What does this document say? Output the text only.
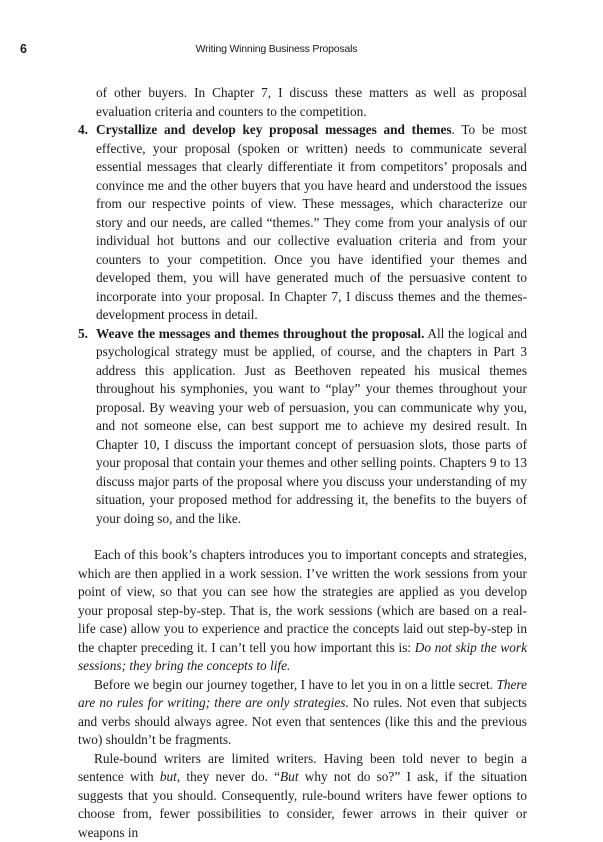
6	Writing Winning Business Proposals
of other buyers. In Chapter 7, I discuss these matters as well as proposal evaluation criteria and counters to the competition.
4. Crystallize and develop key proposal messages and themes. To be most effective, your proposal (spoken or written) needs to communicate several essential messages that clearly differentiate it from competitors’ proposals and convince me and the other buyers that you have heard and understood the issues from our respective points of view. These messages, which characterize our story and our needs, are called “themes.” They come from your analysis of our individual hot buttons and our collective evaluation criteria and from your counters to your competition. Once you have identified your themes and developed them, you will have generated much of the persuasive content to incorporate into your proposal. In Chapter 7, I discuss themes and the themes-development process in detail.
5. Weave the messages and themes throughout the proposal. All the logical and psychological strategy must be applied, of course, and the chapters in Part 3 address this application. Just as Beethoven repeated his musical themes throughout his symphonies, you want to “play” your themes throughout your proposal. By weaving your web of persuasion, you can communicate why you, and not someone else, can best support me to achieve my desired result. In Chapter 10, I discuss the important concept of persuasion slots, those parts of your proposal that contain your themes and other selling points. Chapters 9 to 13 discuss major parts of the proposal where you discuss your understanding of my situation, your proposed method for addressing it, the benefits to the buyers of your doing so, and the like.

Each of this book’s chapters introduces you to important concepts and strategies, which are then applied in a work session. I’ve written the work sessions from your point of view, so that you can see how the strategies are applied as you develop your proposal step-by-step. That is, the work sessions (which are based on a real-life case) allow you to experience and practice the concepts laid out step-by-step in the chapter preceding it. I can’t tell you how important this is: Do not skip the work sessions; they bring the concepts to life.

Before we begin our journey together, I have to let you in on a little secret. There are no rules for writing; there are only strategies. No rules. Not even that subjects and verbs should always agree. Not even that sentences (like this and the previous two) shouldn’t be fragments.

Rule-bound writers are limited writers. Having been told never to begin a sentence with but, they never do. “But why not do so?” I ask, if the situation suggests that you should. Consequently, rule-bound writers have fewer options to choose from, fewer possibilities to consider, fewer arrows in their quiver or weapons in
